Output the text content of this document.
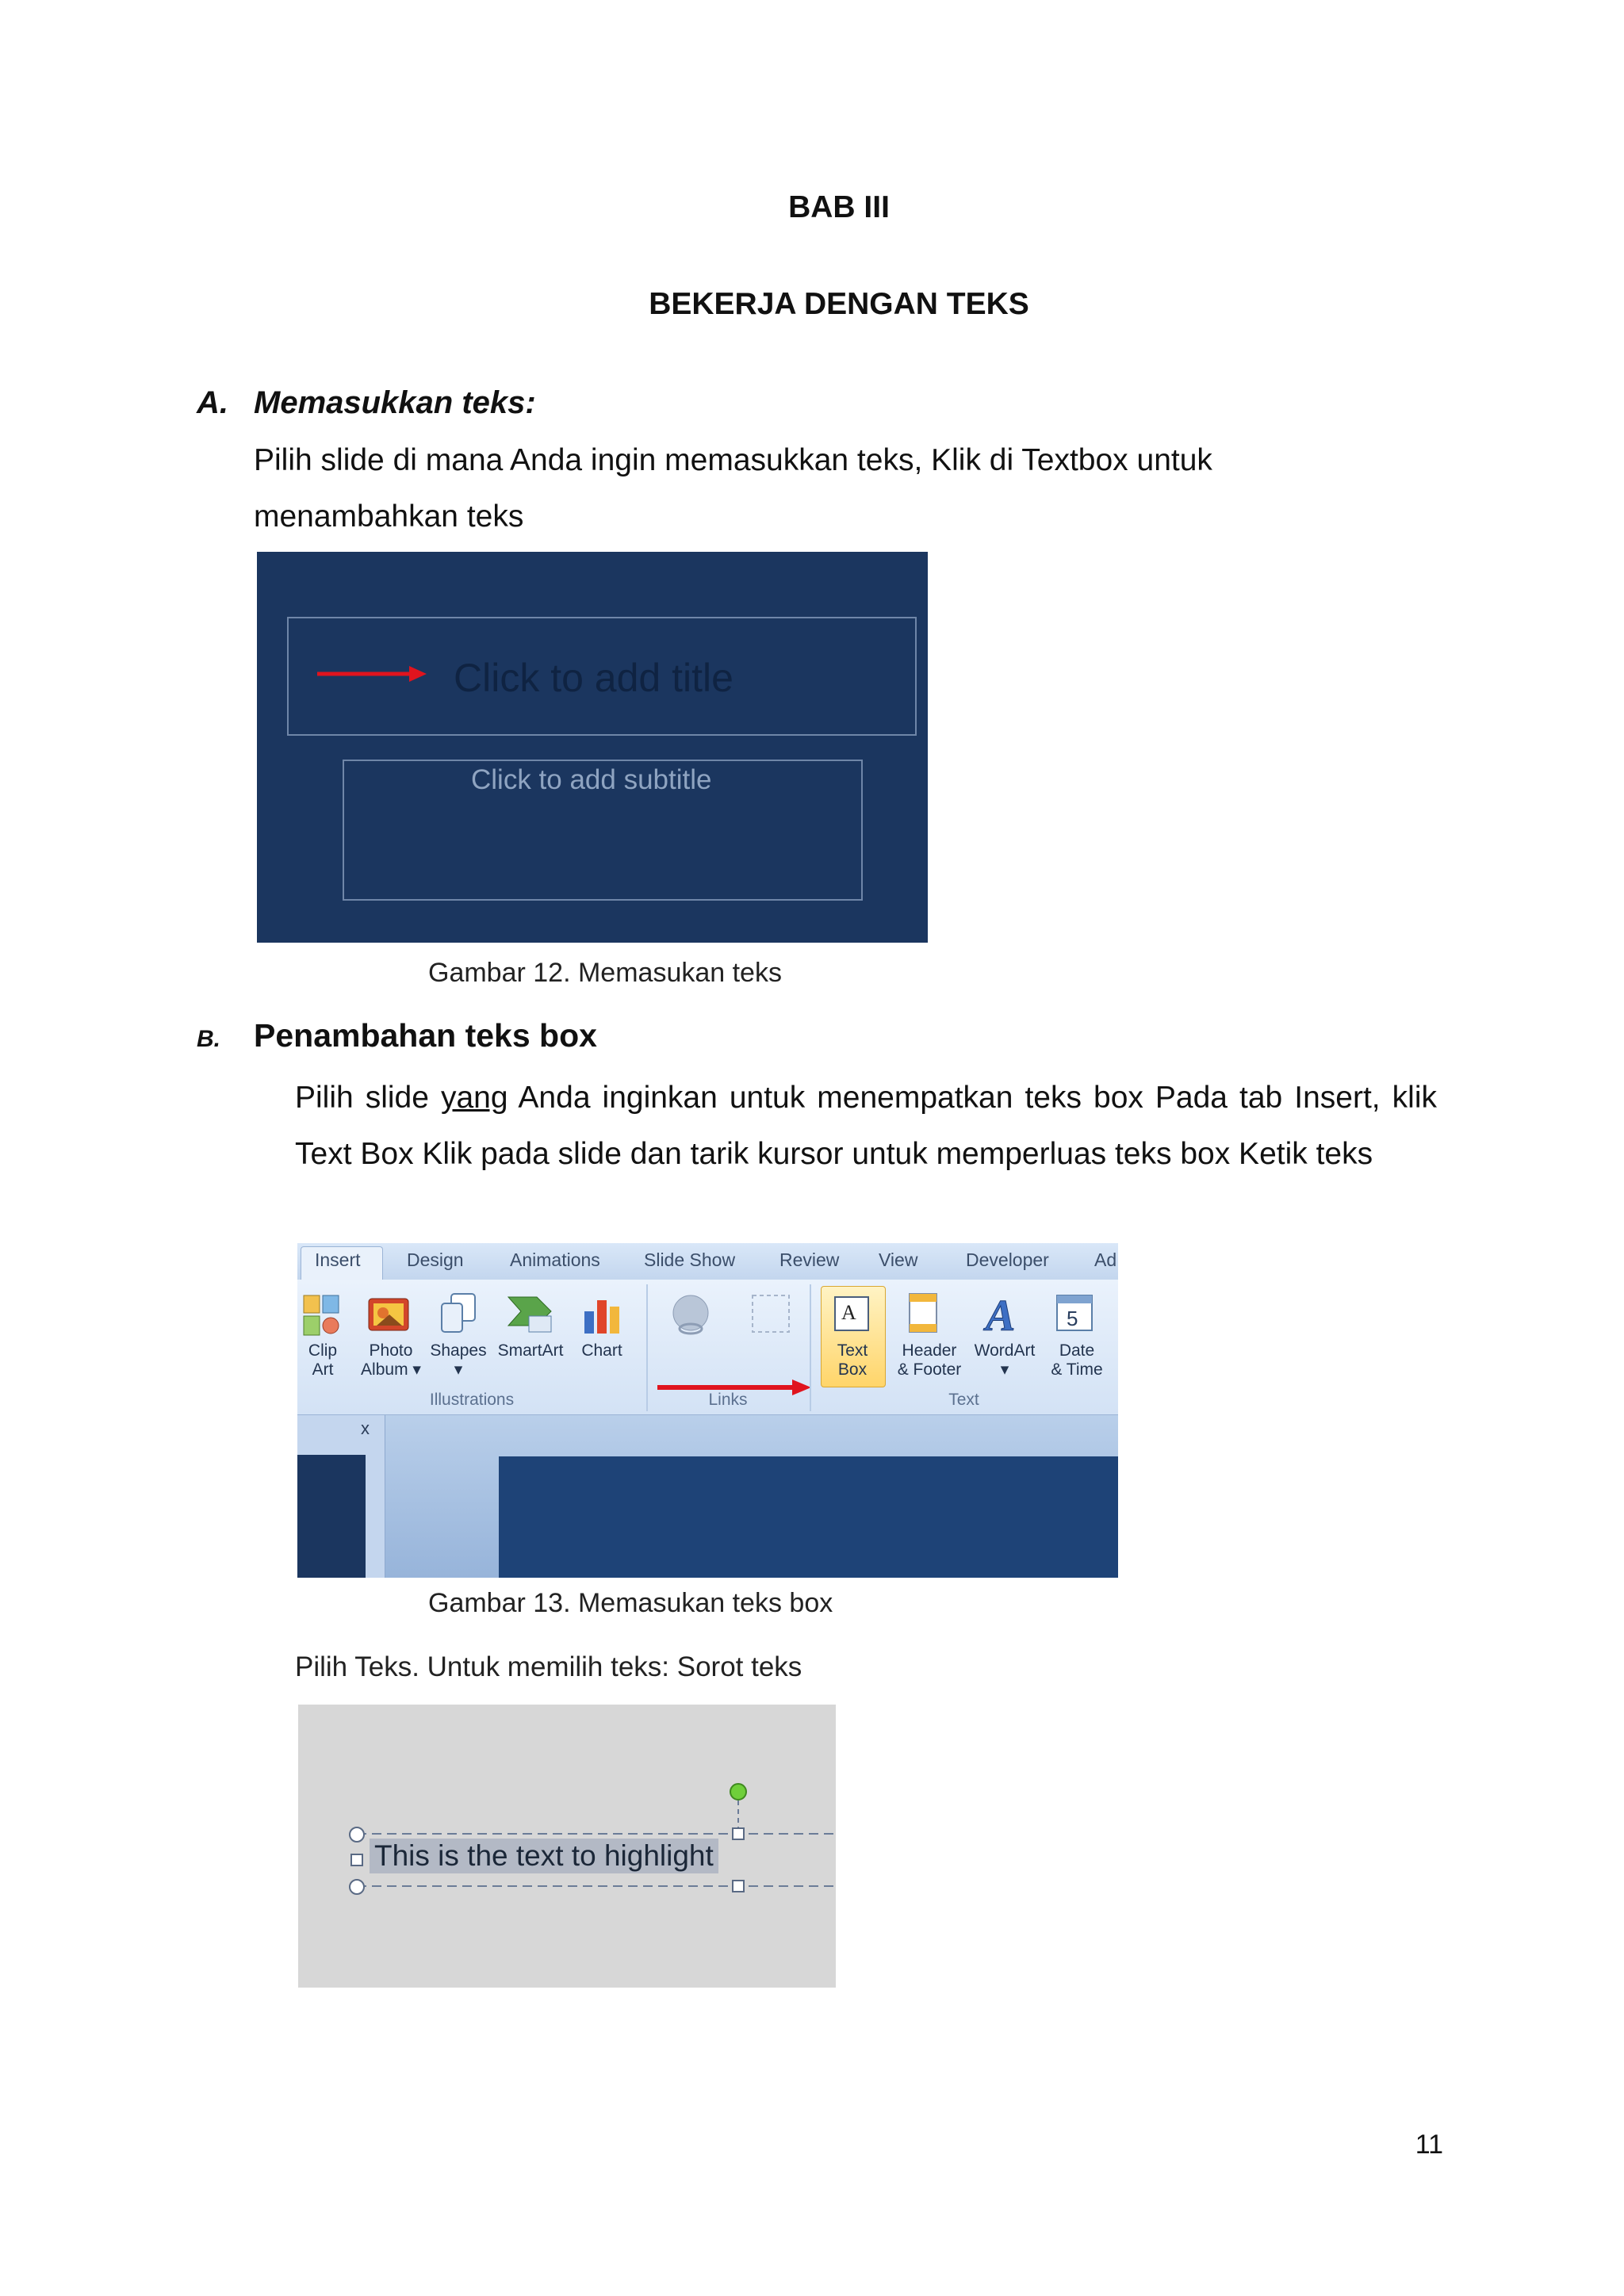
BAB III
BEKERJA DENGAN TEKS
A. Memasukkan teks:
Pilih slide di mana Anda ingin memasukkan teks, Klik di Textbox untuk menambahkan teks
Click to add title
Click to add subtitle
Gambar 12. Memasukan teks
B. Penambahan teks box
Pilih slide yang Anda inginkan untuk menempatkan teks box Pada tab Insert, klik Text Box Klik pada slide dan tarik kursor untuk memperluas teks box Ketik teks
Insert	Design	Animations Slide Show Review View	Developer Ad
Clip
Art
Photo
Album ▾
Shapes
▾
SmartArt	Chart
Illustrations	Links
A
Text
Box
Header
& Footer
A
WordArt
▾
5
Date
& Time
Text
x
Gambar 13. Memasukan teks box
Pilih Teks. Untuk memilih teks: Sorot teks
This is the text to highlight
11
